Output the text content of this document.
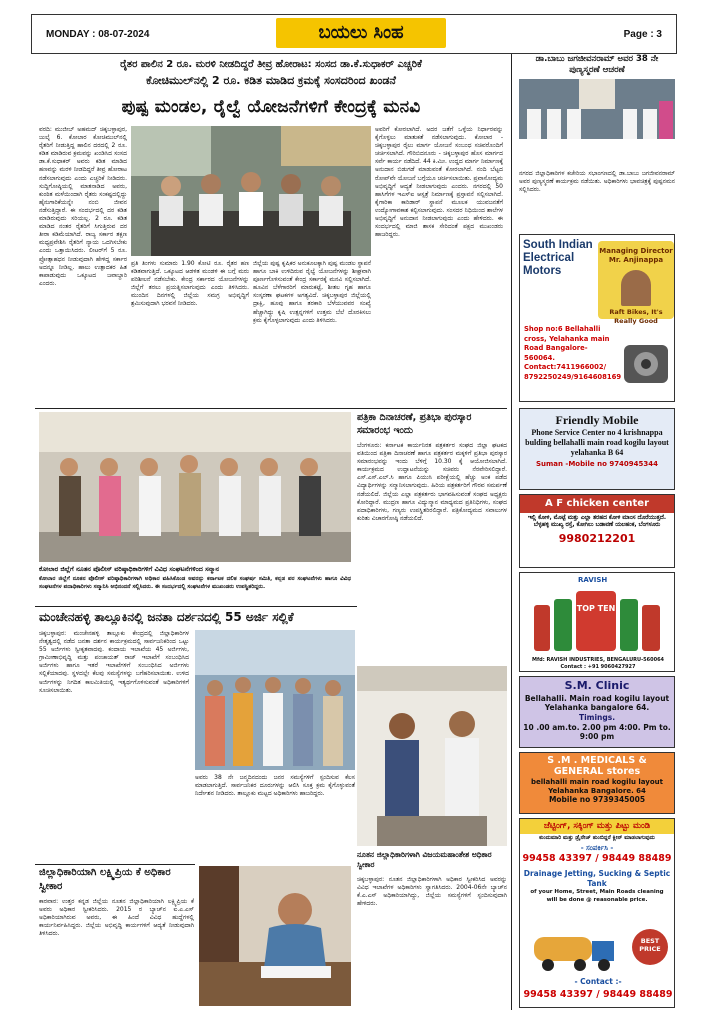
MONDAY : 08-07-2024	ಬಯಲು ಸಿಂಹ	Page : 3
ರೈತರ ಪಾಲಿನ 2 ರೂ. ಮರಳಿ ನೀಡದಿದ್ದರೆ ತೀವ್ರ ಹೋರಾಟ: ಸಂಸದ ಡಾ.ಕೆ.ಸುಧಾಕರ್ ಎಚ್ಚರಿಕೆ
ಕೋಚಿಮುಲ್‌ನಲ್ಲಿ 2 ರೂ. ಕಡಿತ ಮಾಡಿದ ಕ್ರಮಕ್ಕೆ ಸಂಸದರಿಂದ ಖಂಡನೆ
ಪುಷ್ಪ ಮಂಡಲ, ರೈಲ್ವೆ ಯೋಜನೆಗಳಿಗೆ ಕೇಂದ್ರಕ್ಕೆ ಮನವಿ
ವರದಿ: ಮುಜೀಬ್ ಅಹಮದ್ ಚಿಕ್ಕಬಳ್ಳಾಪುರ, ಜುಲೈ 6. ಕೋಲಾರ ಕೋಚಿಮುಲ್‌ನಲ್ಲಿ ರೈತರಿಗೆ ನೀಡುತ್ತಿದ್ದ ಹಾಲಿನ ದರದಲ್ಲಿ 2 ರೂ. ಕಡಿತ ಮಾಡಿರುವ ಕ್ರಮವನ್ನು ಖಂಡಿಸಿದ ಸಂಸದ ಡಾ.ಕೆ.ಸುಧಾಕರ್ ಅವರು ಕಡಿತ ಮಾಡಿದ ಹಣವನ್ನು ಮರಳಿ ನೀಡದಿದ್ದರೆ ತೀವ್ರ ಹೋರಾಟ ನಡೆಸಲಾಗುವುದು ಎಂದು ಎಚ್ಚರಿಕೆ ನೀಡಿದರು. ಸುದ್ದಿಗೋಷ್ಠಿಯಲ್ಲಿ ಮಾತನಾಡಿದ ಅವರು, ಕುಂಠಿತ ಮಳೆಯಿಂದಾಗಿ ರೈತರು ಸಂಕಷ್ಟದಲ್ಲಿದ್ದು ಹೈನುಗಾರಿಕೆಯನ್ನೇ ನಂಬಿ ಜೀವನ ನಡೆಸುತ್ತಿದ್ದಾರೆ. ಈ ಸಂದರ್ಭದಲ್ಲಿ ದರ ಕಡಿತ ಮಾಡಿರುವುದು ಸರಿಯಲ್ಲ. 2 ರೂ. ಕಡಿತ ಮಾಡಿದ ನಂತರ ರೈತರಿಗೆ ಸಿಗುತ್ತಿರುವ ದರ ತೀರಾ ಕಡಿಮೆಯಾಗಿದೆ. ರಾಜ್ಯ ಸರ್ಕಾರ ತಕ್ಷಣ ಮಧ್ಯಪ್ರವೇಶಿಸಿ ರೈತರಿಗೆ ನ್ಯಾಯ ಒದಗಿಸಬೇಕು ಎಂದು ಒತ್ತಾಯಿಸಿದರು. ಲೀಟರ್‌ಗೆ 5 ರೂ. ಪ್ರೋತ್ಸಾಹಧನ ನೀಡುವುದಾಗಿ ಹೇಳಿದ್ದ ಸರ್ಕಾರ ಅದನ್ನೂ ನೀಡಿಲ್ಲ. ಹಾಲು ಉತ್ಪಾದಕರ ಹಿತ ಕಾಪಾಡುವುದು ಒಕ್ಕೂಟದ ಜವಾಬ್ದಾರಿ ಎಂದರು.
ಪ್ರತಿ ತಿಂಗಳು ಸುಮಾರು 1.90 ಕೋಟಿ ರೂ. ರೈತರ ಹಣ ಕಡಿತವಾಗುತ್ತಿದೆ. ಒಕ್ಕೂಟದ ಆಡಳಿತ ಮಂಡಳಿ ಈ ಬಗ್ಗೆ ಮರು ಪರಿಶೀಲನೆ ನಡೆಸಬೇಕು. ಕೇಂದ್ರ ಸರ್ಕಾರದ ಯೋಜನೆಗಳನ್ನು ಜಿಲ್ಲೆಗೆ ತರಲು ಪ್ರಯತ್ನಿಸಲಾಗುವುದು ಎಂದು ತಿಳಿಸಿದರು. ಮುಂದಿನ ದಿನಗಳಲ್ಲಿ ಜಿಲ್ಲೆಯ ಸಮಗ್ರ ಅಭಿವೃದ್ಧಿಗೆ ಶ್ರಮಿಸುವುದಾಗಿ ಭರವಸೆ ನೀಡಿದರು.
ಜಿಲ್ಲೆಯ ಪುಷ್ಪ ಕೃಷಿಕರ ಅನುಕೂಲಕ್ಕಾಗಿ ಪುಷ್ಪ ಮಂಡಲ ಸ್ಥಾಪನೆ ಹಾಗೂ ಬಾಕಿ ಉಳಿದಿರುವ ರೈಲ್ವೆ ಯೋಜನೆಗಳನ್ನು ಶೀಘ್ರವಾಗಿ ಪೂರ್ಣಗೊಳಿಸುವಂತೆ ಕೇಂದ್ರ ಸರ್ಕಾರಕ್ಕೆ ಮನವಿ ಸಲ್ಲಿಸಲಾಗಿದೆ. ಹೂವಿನ ಬೆಳೆಗಾರರಿಗೆ ಮಾರುಕಟ್ಟೆ, ಶೀತಲ ಗೃಹ ಹಾಗೂ ಸಂಸ್ಕರಣಾ ಘಟಕಗಳ ಅಗತ್ಯವಿದೆ. ಚಿಕ್ಕಬಳ್ಳಾಪುರ ಜಿಲ್ಲೆಯಲ್ಲಿ ದ್ರಾಕ್ಷಿ, ಹೂವು ಹಾಗೂ ತರಕಾರಿ ಬೆಳೆಯುವವರ ಸಂಖ್ಯೆ ಹೆಚ್ಚಾಗಿದ್ದು ಕೃಷಿ ಉತ್ಪನ್ನಗಳಿಗೆ ಉತ್ತಮ ಬೆಲೆ ದೊರಕಿಸಲು ಕ್ರಮ ಕೈಗೊಳ್ಳಲಾಗುವುದು ಎಂದು ತಿಳಿಸಿದರು.
ಅವರಿಗೆ ಕೋರಲಾಗಿದೆ. ಅದರ ಜತೆಗೆ ಒಳ್ಳೆಯ ನಿರ್ಧಾರವನ್ನು ಕೈಗೊಳ್ಳಲು ಮಾತುಕತೆ ನಡೆಸಲಾಗುವುದು. ಕೋಲಾರ - ಚಿಕ್ಕಬಳ್ಳಾಪುರ ರೈಲು ಮಾರ್ಗ ಯೋಜನೆ ಸಂಬಂಧ ಸಚಿವರೊಂದಿಗೆ ಚರ್ಚಿಸಲಾಗಿದೆ. ಗೌರಿಬಿದನೂರು - ಚಿಕ್ಕಬಳ್ಳಾಪುರ ಹೊಸ ಮಾರ್ಗದ ಸರ್ವೆ ಕಾರ್ಯ ನಡೆದಿದೆ. 44 ಕಿ.ಮೀ. ಉದ್ದದ ಮಾರ್ಗ ನಿರ್ಮಾಣಕ್ಕೆ ಅನುದಾನ ಬಿಡುಗಡೆ ಮಾಡುವಂತೆ ಕೋರಲಾಗಿದೆ. ನಂದಿ ಬೆಟ್ಟದ ರೋಪ್‌ವೇ ಯೋಜನೆ ಬಗ್ಗೆಯೂ ಚರ್ಚಿಸಲಾಯಿತು. ಪ್ರವಾಸೋದ್ಯಮ ಅಭಿವೃದ್ಧಿಗೆ ಆದ್ಯತೆ ನೀಡಲಾಗುವುದು ಎಂದರು. ನಗರದಲ್ಲಿ 50 ಹಾಸಿಗೆಗಳ ಇಎಸ್‌ಐ ಆಸ್ಪತ್ರೆ ನಿರ್ಮಾಣಕ್ಕೆ ಪ್ರಸ್ತಾವನೆ ಸಲ್ಲಿಸಲಾಗಿದೆ. ಕೈಗಾರಿಕಾ ಕಾರಿಡಾರ್ ಸ್ಥಾಪನೆ ಮೂಲಕ ಯುವಜನತೆಗೆ ಉದ್ಯೋಗಾವಕಾಶ ಕಲ್ಪಿಸಲಾಗುವುದು. ಸಂಸದರ ನಿಧಿಯಿಂದ ಶಾಲೆಗಳ ಅಭಿವೃದ್ಧಿಗೆ ಅನುದಾನ ನೀಡಲಾಗುವುದು ಎಂದು ಹೇಳಿದರು. ಈ ಸಂದರ್ಭದಲ್ಲಿ ಮಾಜಿ ಶಾಸಕ ಸೇರಿದಂತೆ ಪಕ್ಷದ ಮುಖಂಡರು ಹಾಜರಿದ್ದರು.
ಕೋಲಾರ ಜಿಲ್ಲೆಗೆ ನೂತನ ಪೊಲೀಸ್ ವರಿಷ್ಠಾಧಿಕಾರಿಗಳಿಗೆ ವಿವಿಧ ಸಂಘಟನೆಗಳಿಂದ ಸನ್ಮಾನ
ಕೋಲಾರ ಜಿಲ್ಲೆಗೆ ನೂತನ ಪೊಲೀಸ್ ವರಿಷ್ಠಾಧಿಕಾರಿಗಳಾಗಿ ಅಧಿಕಾರ ವಹಿಸಿಕೊಂಡ ಅವರನ್ನು ಕರ್ನಾಟಕ ದಲಿತ ಸಂಘರ್ಷ ಸಮಿತಿ, ಕನ್ನಡ ಪರ ಸಂಘಟನೆಗಳು ಹಾಗೂ ವಿವಿಧ ಸಂಘಟನೆಗಳ ಪದಾಧಿಕಾರಿಗಳು ಸನ್ಮಾನಿಸಿ ಅಭಿನಂದನೆ ಸಲ್ಲಿಸಿದರು. ಈ ಸಂದರ್ಭದಲ್ಲಿ ಸಂಘಟನೆಗಳ ಮುಖಂಡರು ಉಪಸ್ಥಿತರಿದ್ದರು.
ಮಂಚೇನಹಳ್ಳಿ ತಾಲ್ಲೂಕಿನಲ್ಲಿ ಜನತಾ ದರ್ಶನದಲ್ಲಿ 55 ಅರ್ಜಿ ಸಲ್ಲಿಕೆ
ಚಿಕ್ಕಬಳ್ಳಾಪುರ: ಮಂಚೇನಹಳ್ಳಿ ತಾಲ್ಲೂಕು ಕೇಂದ್ರದಲ್ಲಿ ಜಿಲ್ಲಾಧಿಕಾರಿಗಳ ನೇತೃತ್ವದಲ್ಲಿ ನಡೆದ ಜನತಾ ದರ್ಶನ ಕಾರ್ಯಕ್ರಮದಲ್ಲಿ ಸಾರ್ವಜನಿಕರಿಂದ ಒಟ್ಟು 55 ಅರ್ಜಿಗಳು ಸ್ವೀಕೃತವಾದವು. ಕಂದಾಯ ಇಲಾಖೆಯ 45 ಅರ್ಜಿಗಳು, ಗ್ರಾಮೀಣಾಭಿವೃದ್ಧಿ ಮತ್ತು ಪಂಚಾಯತ್ ರಾಜ್ ಇಲಾಖೆಗೆ ಸಂಬಂಧಿಸಿದ ಅರ್ಜಿಗಳು ಹಾಗೂ ಇತರೆ ಇಲಾಖೆಗಳಿಗೆ ಸಂಬಂಧಿಸಿದ ಅರ್ಜಿಗಳು ಸಲ್ಲಿಕೆಯಾದವು. ಸ್ಥಳದಲ್ಲೇ ಕೆಲವು ಸಮಸ್ಯೆಗಳನ್ನು ಬಗೆಹರಿಸಲಾಯಿತು. ಉಳಿದ ಅರ್ಜಿಗಳನ್ನು ನಿಗದಿತ ಕಾಲಮಿತಿಯಲ್ಲಿ ಇತ್ಯರ್ಥಗೊಳಿಸುವಂತೆ ಅಧಿಕಾರಿಗಳಿಗೆ ಸೂಚಿಸಲಾಯಿತು.
ಅವರು 38 ನೇ ಜನ್ಮದಿನದಂದು ಜನರ ಸಮಸ್ಯೆಗಳಿಗೆ ಸ್ಪಂದಿಸುವ ಕೆಲಸ ಮಾಡಲಾಗುತ್ತಿದೆ. ಸಾರ್ವಜನಿಕರ ದೂರುಗಳನ್ನು ಆಲಿಸಿ ಸೂಕ್ತ ಕ್ರಮ ಕೈಗೊಳ್ಳುವಂತೆ ನಿರ್ದೇಶನ ನೀಡಿದರು. ತಾಲ್ಲೂಕು ಮಟ್ಟದ ಅಧಿಕಾರಿಗಳು ಹಾಜರಿದ್ದರು.
ಜಿಲ್ಲಾಧಿಕಾರಿಯಾಗಿ ಲಕ್ಷ್ಮಿಪ್ರಿಯ ಕೆ ಅಧಿಕಾರ ಸ್ವೀಕಾರ
ಕಾರವಾರ: ಉತ್ತರ ಕನ್ನಡ ಜಿಲ್ಲೆಯ ನೂತನ ಜಿಲ್ಲಾಧಿಕಾರಿಯಾಗಿ ಲಕ್ಷ್ಮಿಪ್ರಿಯ ಕೆ ಅವರು ಅಧಿಕಾರ ಸ್ವೀಕರಿಸಿದರು. 2015 ರ ಬ್ಯಾಚ್‌ನ ಐ.ಎ.ಎಸ್ ಅಧಿಕಾರಿಯಾಗಿರುವ ಅವರು, ಈ ಹಿಂದೆ ವಿವಿಧ ಹುದ್ದೆಗಳಲ್ಲಿ ಕಾರ್ಯನಿರ್ವಹಿಸಿದ್ದರು. ಜಿಲ್ಲೆಯ ಅಭಿವೃದ್ಧಿ ಕಾರ್ಯಗಳಿಗೆ ಆದ್ಯತೆ ನೀಡುವುದಾಗಿ ತಿಳಿಸಿದರು.
ಪತ್ರಿಕಾ ದಿನಾಚರಣೆ, ಪ್ರತಿಭಾ ಪುರಸ್ಕಾರ ಸಮಾರಂಭ ಇಂದು
ಬೆಂಗಳೂರು: ಕರ್ನಾಟಕ ಕಾರ್ಯನಿರತ ಪತ್ರಕರ್ತರ ಸಂಘದ ಜಿಲ್ಲಾ ಘಟಕದ ವತಿಯಿಂದ ಪತ್ರಿಕಾ ದಿನಾಚರಣೆ ಹಾಗೂ ಪತ್ರಕರ್ತರ ಮಕ್ಕಳಿಗೆ ಪ್ರತಿಭಾ ಪುರಸ್ಕಾರ ಸಮಾರಂಭವನ್ನು ಇಂದು ಬೆಳಿಗ್ಗೆ 10.30 ಕ್ಕೆ ಆಯೋಜಿಸಲಾಗಿದೆ. ಕಾರ್ಯಕ್ರಮದ ಉದ್ಘಾಟನೆಯನ್ನು ಸಚಿವರು ನೆರವೇರಿಸಲಿದ್ದಾರೆ. ಎಸ್.ಎಸ್.ಎಲ್.ಸಿ ಹಾಗೂ ಪಿಯುಸಿ ಪರೀಕ್ಷೆಯಲ್ಲಿ ಹೆಚ್ಚು ಅಂಕ ಪಡೆದ ವಿದ್ಯಾರ್ಥಿಗಳನ್ನು ಸನ್ಮಾನಿಸಲಾಗುವುದು. ಹಿರಿಯ ಪತ್ರಕರ್ತರಿಗೆ ಗೌರವ ಸಮರ್ಪಣೆ ನಡೆಯಲಿದೆ. ಜಿಲ್ಲೆಯ ಎಲ್ಲಾ ಪತ್ರಕರ್ತರು ಭಾಗವಹಿಸುವಂತೆ ಸಂಘದ ಅಧ್ಯಕ್ಷರು ಕೋರಿದ್ದಾರೆ. ಮುದ್ರಣ ಹಾಗೂ ವಿದ್ಯುನ್ಮಾನ ಮಾಧ್ಯಮದ ಪ್ರತಿನಿಧಿಗಳು, ಸಂಘದ ಪದಾಧಿಕಾರಿಗಳು, ಗಣ್ಯರು ಉಪಸ್ಥಿತರಿರಲಿದ್ದಾರೆ. ಪತ್ರಿಕೋದ್ಯಮದ ಸವಾಲುಗಳ ಕುರಿತು ವಿಚಾರಗೋಷ್ಠಿ ನಡೆಯಲಿದೆ.
ನೂತನ ಜಿಲ್ಲಾಧಿಕಾರಿಗಳಾಗಿ ವಿಜಯಮಹಾಂತೇಶ ಅಧಿಕಾರ ಸ್ವೀಕಾರ
ಚಿಕ್ಕಬಳ್ಳಾಪುರ: ನೂತನ ಜಿಲ್ಲಾಧಿಕಾರಿಗಳಾಗಿ ಅಧಿಕಾರ ಸ್ವೀಕರಿಸಿದ ಅವರನ್ನು ವಿವಿಧ ಇಲಾಖೆಗಳ ಅಧಿಕಾರಿಗಳು ಸ್ವಾಗತಿಸಿದರು. 2004-06ನೇ ಬ್ಯಾಚ್‌ನ ಕೆ.ಎ.ಎಸ್ ಅಧಿಕಾರಿಯಾಗಿದ್ದು, ಜಿಲ್ಲೆಯ ಸಮಸ್ಯೆಗಳಿಗೆ ಸ್ಪಂದಿಸುವುದಾಗಿ ಹೇಳಿದರು.
ಡಾ.ಬಾಬು ಜಗಜೀವನರಾಮ್ ಅವರ 38 ನೇ ಪುಣ್ಯಸ್ಮರಣೆ ಆಚರಣೆ
ನಗರದ ಜಿಲ್ಲಾಧಿಕಾರಿಗಳ ಕಚೇರಿಯ ಸಭಾಂಗಣದಲ್ಲಿ ಡಾ.ಬಾಬು ಜಗಜೀವನರಾಮ್ ಅವರ ಪುಣ್ಯಸ್ಮರಣೆ ಕಾರ್ಯಕ್ರಮ ನಡೆಯಿತು. ಅಧಿಕಾರಿಗಳು ಭಾವಚಿತ್ರಕ್ಕೆ ಪುಷ್ಪನಮನ ಸಲ್ಲಿಸಿದರು.
South Indian Electrical Motors
Managing Director
Mr. Anjinappa
Raft Bikes, It's Really Good
Shop no:6 Bellahalli cross, Yelahanka main Road Bangalore- 560064.
Contact:7411966002/ 8792250249/9164608169
Friendly Mobile
Phone Service Center no 4 krishnappa bulding bellahalli main road kogilu layout yelahanka B 64
Suman -Mobile no 9740945344
A F chicken center
ಇಲ್ಲಿ ಕೋಳಿ, ಮೊಟ್ಟೆ ಮತ್ತು ಎಲ್ಲಾ ತರಹದ ಕೋಳಿ ಮಾಂಸ ದೊರೆಯುತ್ತದೆ. ಬೆಳ್ಳಹಳ್ಳಿ ಮುಖ್ಯ ರಸ್ತೆ, ಕೋಗಿಲು ಬಡಾವಣೆ ಯಲಹಂಕ, ಬೆಂಗಳೂರು
9980212201
RAVISH
TOP TEN
Mfd: RAVISH INDUSTRIES, BENGALURU-560064 Contact : +91 9060427927
S.M. Clinic
Bellahalli. Main road kogilu layout Yelahanka bangalore 64.
Timings.
10 .00 am.to. 2.00 pm 4:00. Pm to. 9:00 pm
S .M . MEDICALS & GENERAL stores
bellahalli main road kogilu layout Yelahanka Bangalore. 64
Mobile no 9739345005
ಜೆಟ್ಟಿಂಗ್, ಸಕ್ಕಿಂಗ್ ಮತ್ತು ಪಿಟ್ಟು ಮಂಡಿ
ಕುಂದುಮಾರಿ ಮತ್ತು ಡ್ರೈನೇಜ್ ತುಂಬಿದ್ದರೆ ಕ್ಲೀನ್ ಮಾಡಲಾಗುವುದು
- ಸಂಪರ್ಕಿಸಿ -
99458 43397 / 98449 88489
Drainage Jetting, Sucking & Septic Tank
of your Home, Street, Main Roads cleaning will be done @ reasonable price.
BEST PRICE
- Contact :-
99458 43397 / 98449 88489
